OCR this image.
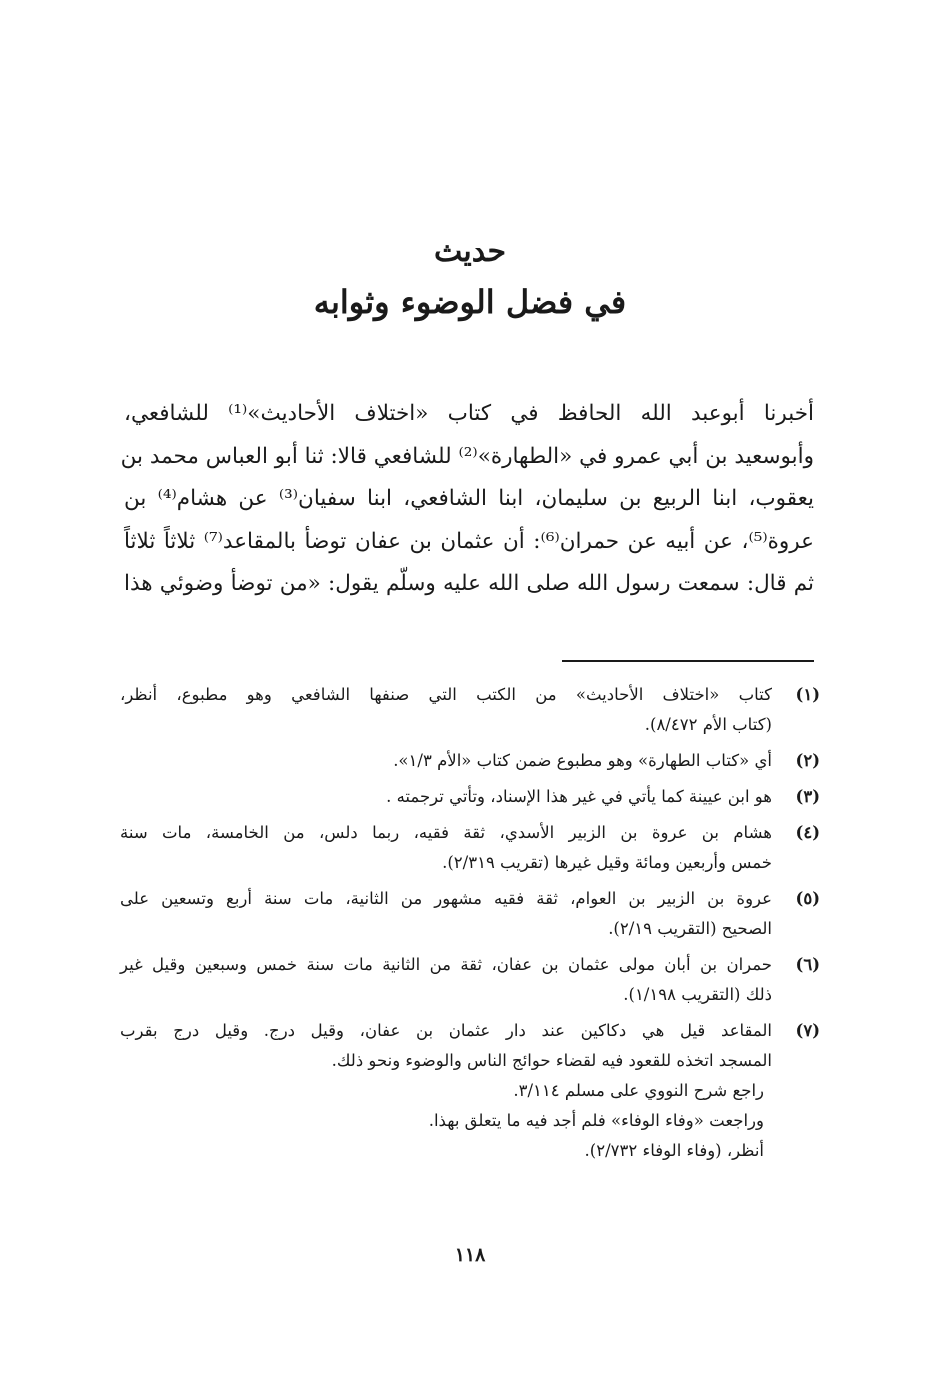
حديث
في فضل الوضوء وثوابه
أخبرنا أبوعبد الله الحافظ في كتاب «اختلاف الأحاديث»⁽¹⁾ للشافعي،
وأبوسعيد بن أبي عمرو في «الطهارة»⁽²⁾ للشافعي قالا: ثنا أبو العباس محمد بن
يعقوب، ابنا الربيع بن سليمان، ابنا الشافعي، ابنا سفيان⁽³⁾ عن هشام⁽⁴⁾ بن
عروة⁽⁵⁾، عن أبيه عن حمران⁽⁶⁾: أن عثمان بن عفان توضأ بالمقاعد⁽⁷⁾ ثلاثاً ثلاثاً
ثم قال: سمعت رسول الله صلى الله عليه وسلّم يقول: «من توضأ وضوئي هذا
(١)
كتاب «اختلاف الأحاديث» من الكتب التي صنفها الشافعي وهو مطبوع، أنظر،
(كتاب الأم ٨/٤٧٢).
(٢)
أي «كتاب الطهارة» وهو مطبوع ضمن كتاب «الأم ١/٣».
(٣)
هو ابن عيينة كما يأتي في غير هذا الإسناد، وتأتي ترجمته .
(٤)
هشام بن عروة بن الزبير الأسدي، ثقة فقيه، ربما دلس، من الخامسة، مات سنة
خمس وأربعين ومائة وقيل غيرها (تقريب ٢/٣١٩).
(٥)
عروة بن الزبير بن العوام، ثقة فقيه مشهور من الثانية، مات سنة أربع وتسعين على
الصحيح (التقريب ٢/١٩).
(٦)
حمران بن أبان مولى عثمان بن عفان، ثقة من الثانية مات سنة خمس وسبعين وقيل غير
ذلك (التقريب ١/١٩٨).
(٧)
المقاعد قيل هي دكاكين عند دار عثمان بن عفان، وقيل درج. وقيل درج بقرب
المسجد اتخذه للقعود فيه لقضاء حوائج الناس والوضوء ونحو ذلك.
راجع شرح النووي على مسلم ٣/١١٤.
وراجعت «وفاء الوفاء» فلم أجد فيه ما يتعلق بهذا.
أنظر، (وفاء الوفاء ٢/٧٣٢).
١١٨
